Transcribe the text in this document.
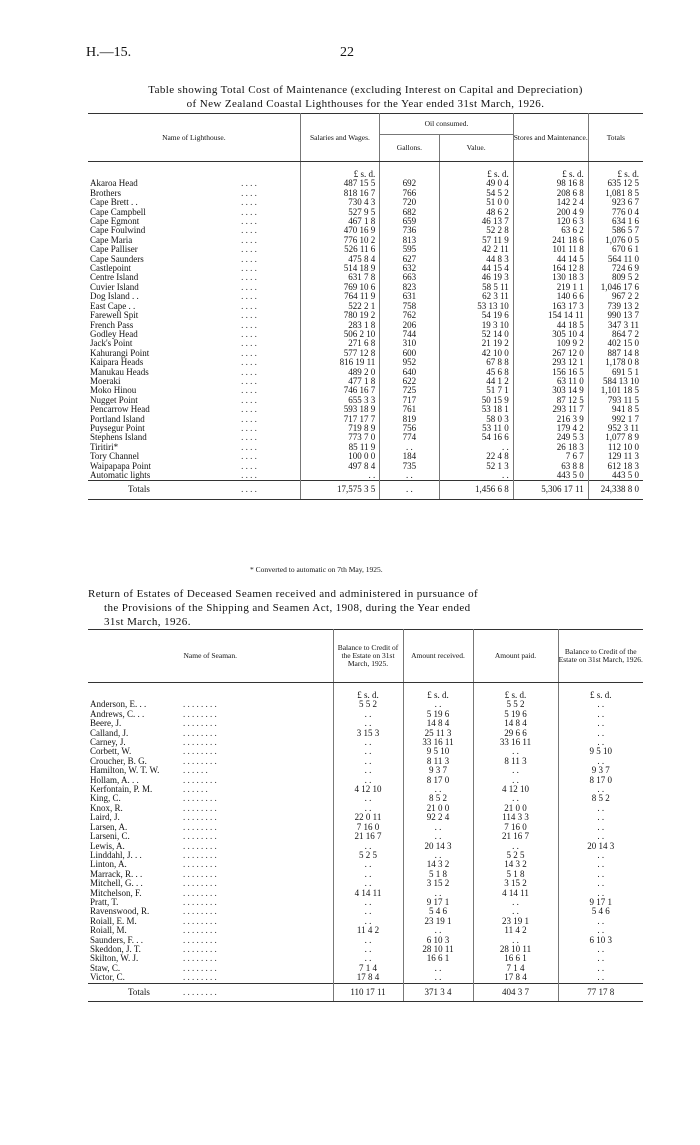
H.—15.	22
Table showing Total Cost of Maintenance (excluding Interest on Capital and Depreciation)
of New Zealand Coastal Lighthouses for the Year ended 31st March, 1926.
Name of Lighthouse.		Salaries and Wages.	Oil consumed.		Stores and Maintenance.	Totals
			Gallons.	Value.		
		£ s. d.		£ s. d.	£ s. d.	£ s. d.
Akaroa Head	. . . .	487 15 5	692	49 0 4	98 16 8	635 12 5
Brothers	. . . .	818 16 7	766	54 5 2	208 6 8	1,081 8 5
Cape Brett . .	. . . .	730 4 3	720	51 0 0	142 2 4	923 6 7
Cape Campbell	. . . .	527 9 5	682	48 6 2	200 4 9	776 0 4
Cape Egmont	. . . .	467 1 8	659	46 13 7	120 6 3	634 1 6
Cape Foulwind	. . . .	470 16 9	736	52 2 8	63 6 2	586 5 7
Cape Maria	. . . .	776 10 2	813	57 11 9	241 18 6	1,076 0 5
Cape Palliser	. . . .	526 11 6	595	42 2 11	101 11 8	670 6 1
Cape Saunders	. . . .	475 8 4	627	44 8 3	44 14 5	564 11 0
Castlepoint	. . . .	514 18 9	632	44 15 4	164 12 8	724 6 9
Centre Island	. . . .	631 7 8	663	46 19 3	130 18 3	809 5 2
Cuvier Island	. . . .	769 10 6	823	58 5 11	219 1 1	1,046 17 6
Dog Island . .	. . . .	764 11 9	631	62 3 11	140 6 6	967 2 2
East Cape . .	. . . .	522 2 1	758	53 13 10	163 17 3	739 13 2
Farewell Spit	. . . .	780 19 2	762	54 19 6	154 14 11	990 13 7
French Pass	. . . .	283 1 8	206	19 3 10	44 18 5	347 3 11
Godley Head	. . . .	506 2 10	744	52 14 0	305 10 4	864 7 2
Jack's Point	. . . .	271 6 8	310	21 19 2	109 9 2	402 15 0
Kahurangi Point	. . . .	577 12 8	600	42 10 0	267 12 0	887 14 8
Kaipara Heads	. . . .	816 19 11	952	67 8 8	293 12 1	1,178 0 8
Manukau Heads	. . . .	489 2 0	640	45 6 8	156 16 5	691 5 1
Moeraki	. . . .	477 1 8	622	44 1 2	63 11 0	584 13 10
Moko Hinou	. . . .	746 16 7	725	51 7 1	303 14 9	1,101 18 5
Nugget Point	. . . .	655 3 3	717	50 15 9	87 12 5	793 11 5
Pencarrow Head	. . . .	593 18 9	761	53 18 1	293 11 7	941 8 5
Portland Island	. . . .	717 17 7	819	58 0 3	216 3 9	992 1 7
Puysegur Point	. . . .	719 8 9	756	53 11 0	179 4 2	952 3 11
Stephens Island	. . . .	773 7 0	774	54 16 6	249 5 3	1,077 8 9
Tiritiri*	. . . .	85 11 9	. .	. .	26 18 3	112 10 0
Tory Channel	. . . .	100 0 0	184	22 4 8	7 6 7	129 11 3
Waipapapa Point	. . . .	497 8 4	735	52 1 3	63 8 8	612 18 3
Automatic lights	. . . .	. .	. .	. .	443 5 0	443 5 0
Totals	. . . .	17,575 3 5	. .	1,456 6 8	5,306 17 11	24,338 8 0
* Converted to automatic on 7th May, 1925.
Return of Estates of Deceased Seamen received and administered in pursuance of
the Provisions of the Shipping and Seamen Act, 1908, during the Year ended
31st March, 1926.
Name of Seaman.		Balance to Credit of the Estate on 31st March, 1925.	Amount received.	Amount paid.	Balance to Credit of the Estate on 31st March, 1926.
		£ s. d.	£ s. d.	£ s. d.	£ s. d.
Anderson, E. . .	. . . . . . . .	5 5 2	. .	5 5 2	. .
Andrews, C. . .	. . . . . . . .	. .	5 19 6	5 19 6	. .
Beere, J.	. . . . . . . .	. .	14 8 4	14 8 4	. .
Calland, J.	. . . . . . . .	3 15 3	25 11 3	29 6 6	. .
Carney, J.	. . . . . . . .	. .	33 16 11	33 16 11	. .
Corbett, W.	. . . . . . . .	. .	9 5 10	. .	9 5 10
Croucher, B. G.	. . . . . . . .	. .	8 11 3	8 11 3	. .
Hamilton, W. T. W.	. . . . . .	. .	9 3 7	. .	9 3 7
Hollam, A. . .	. . . . . . . .	. .	8 17 0	. .	8 17 0
Kerfontain, P. M.	. . . . . .	4 12 10	. .	4 12 10	. .
King, C.	. . . . . . . .	. .	8 5 2	. .	8 5 2
Knox, R.	. . . . . . . .	. .	21 0 0	21 0 0	. .
Laird, J.	. . . . . . . .	22 0 11	92 2 4	114 3 3	. .
Larsen, A.	. . . . . . . .	7 16 0	. .	7 16 0	. .
Larseni, C.	. . . . . . . .	21 16 7	. .	21 16 7	. .
Lewis, A.	. . . . . . . .	. .	20 14 3	. .	20 14 3
Linddahl, J. . .	. . . . . . . .	5 2 5	. .	5 2 5	. .
Linton, A.	. . . . . . . .	. .	14 3 2	14 3 2	. .
Marrack, R. . .	. . . . . . . .	. .	5 1 8	5 1 8	. .
Mitchell, G. . .	. . . . . . . .	. .	3 15 2	3 15 2	. .
Mitchelson, F.	. . . . . . . .	4 14 11	. .	4 14 11	. .
Pratt, T.	. . . . . . . .	. .	9 17 1	. .	9 17 1
Ravenswood, R.	. . . . . . . .	. .	5 4 6	. .	5 4 6
Roiall, E. M.	. . . . . . . .	. .	23 19 1	23 19 1	. .
Roiall, M.	. . . . . . . .	11 4 2	. .	11 4 2	. .
Saunders, F. . .	. . . . . . . .	. .	6 10 3	. .	6 10 3
Skeddon, J. T.	. . . . . . . .	. .	28 10 11	28 10 11	. .
Skilton, W. J.	. . . . . . . .	. .	16 6 1	16 6 1	. .
Staw, C.	. . . . . . . .	7 1 4	. .	7 1 4	. .
Victor, C.	. . . . . . . .	17 8 4	. .	17 8 4	. .
Totals	. . . . . . . .	110 17 11	371 3 4	404 3 7	77 17 8
